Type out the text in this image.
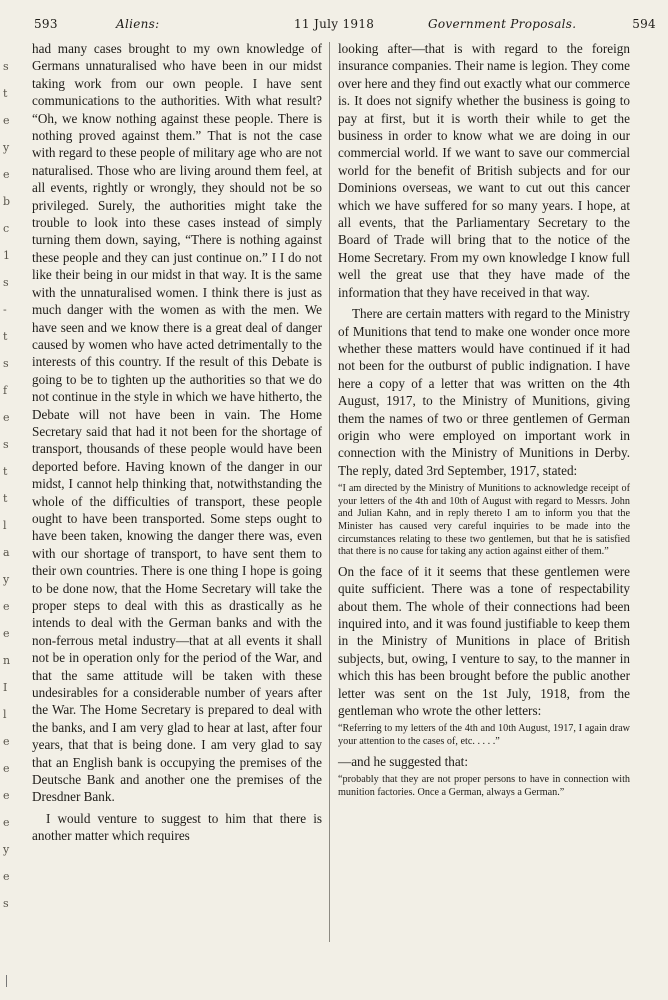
593	Aliens:	11 July 1918	Government Proposals.	594
s
t
e
y
e
b
c
1
s
-
t
s
f
e
s
t
t
l
a
y
e
e
n
I
l
e
e
e
e
y
e
s

had many cases brought to my own knowledge of Germans unnaturalised who have been in our midst taking work from our own people. I have sent communications to the authorities. With what result? “Oh, we know nothing against these people. There is nothing proved against them.” That is not the case with regard to these people of military age who are not naturalised. Those who are living around them feel, at all events, rightly or wrongly, they should not be so privileged. Surely, the authorities might take the trouble to look into these cases instead of simply turning them down, saying, “There is nothing against these people and they can just continue on.” I I do not like their being in our midst in that way. It is the same with the unnaturalised women. I think there is just as much danger with the women as with the men. We have seen and we know there is a great deal of danger caused by women who have acted detrimentally to the interests of this country. If the result of this Debate is going to be to tighten up the authorities so that we do not continue in the style in which we have hitherto, the Debate will not have been in vain. The Home Secretary said that had it not been for the shortage of transport, thousands of these people would have been deported before. Having known of the danger in our midst, I cannot help thinking that, notwithstanding the whole of the difficulties of transport, these people ought to have been transported. Some steps ought to have been taken, knowing the danger there was, even with our shortage of transport, to have sent them to their own countries. There is one thing I hope is going to be done now, that the Home Secretary will take the proper steps to deal with this as drastically as he intends to deal with the German banks and with the non-ferrous metal industry—that at all events it shall not be in operation only for the period of the War, and that the same attitude will be taken with these undesirables for a considerable number of years after the War. The Home Secretary is prepared to deal with the banks, and I am very glad to hear at last, after four years, that that is being done. I am very glad to say that an English bank is occupying the premises of the Deutsche Bank and another one the premises of the Dresdner Bank.

I would venture to suggest to him that there is another matter which requires

looking after—that is with regard to the foreign insurance companies. Their name is legion. They come over here and they find out exactly what our commerce is. It does not signify whether the business is going to pay at first, but it is worth their while to get the business in order to know what we are doing in our commercial world. If we want to save our commercial world for the benefit of British subjects and for our Dominions overseas, we want to cut out this cancer which we have suffered for so many years. I hope, at all events, that the Parliamentary Secretary to the Board of Trade will bring that to the notice of the Home Secretary. From my own knowledge I know full well the great use that they have made of the information that they have received in that way.

There are certain matters with regard to the Ministry of Munitions that tend to make one wonder once more whether these matters would have continued if it had not been for the outburst of public indignation. I have here a copy of a letter that was written on the 4th August, 1917, to the Ministry of Munitions, giving them the names of two or three gentlemen of German origin who were employed on important work in connection with the Ministry of Munitions in Derby. The reply, dated 3rd September, 1917, stated:

“I am directed by the Ministry of Munitions to acknowledge receipt of your letters of the 4th and 10th of August with regard to Messrs. John and Julian Kahn, and in reply thereto I am to inform you that the Minister has caused very careful inquiries to be made into the circumstances relating to these two gentlemen, but that he is satisfied that there is no cause for taking any action against either of them.”

On the face of it it seems that these gentlemen were quite sufficient. There was a tone of respectability about them. The whole of their connections had been inquired into, and it was found justifiable to keep them in the Ministry of Munitions in place of British subjects, but, owing, I venture to say, to the manner in which this has been brought before the public another letter was sent on the 1st July, 1918, from the gentleman who wrote the other letters:

“Referring to my letters of the 4th and 10th August, 1917, I again draw your attention to the cases of, etc. . . . .”

—and he suggested that:

“probably that they are not proper persons to have in connection with munition factories. Once a German, always a German.”
